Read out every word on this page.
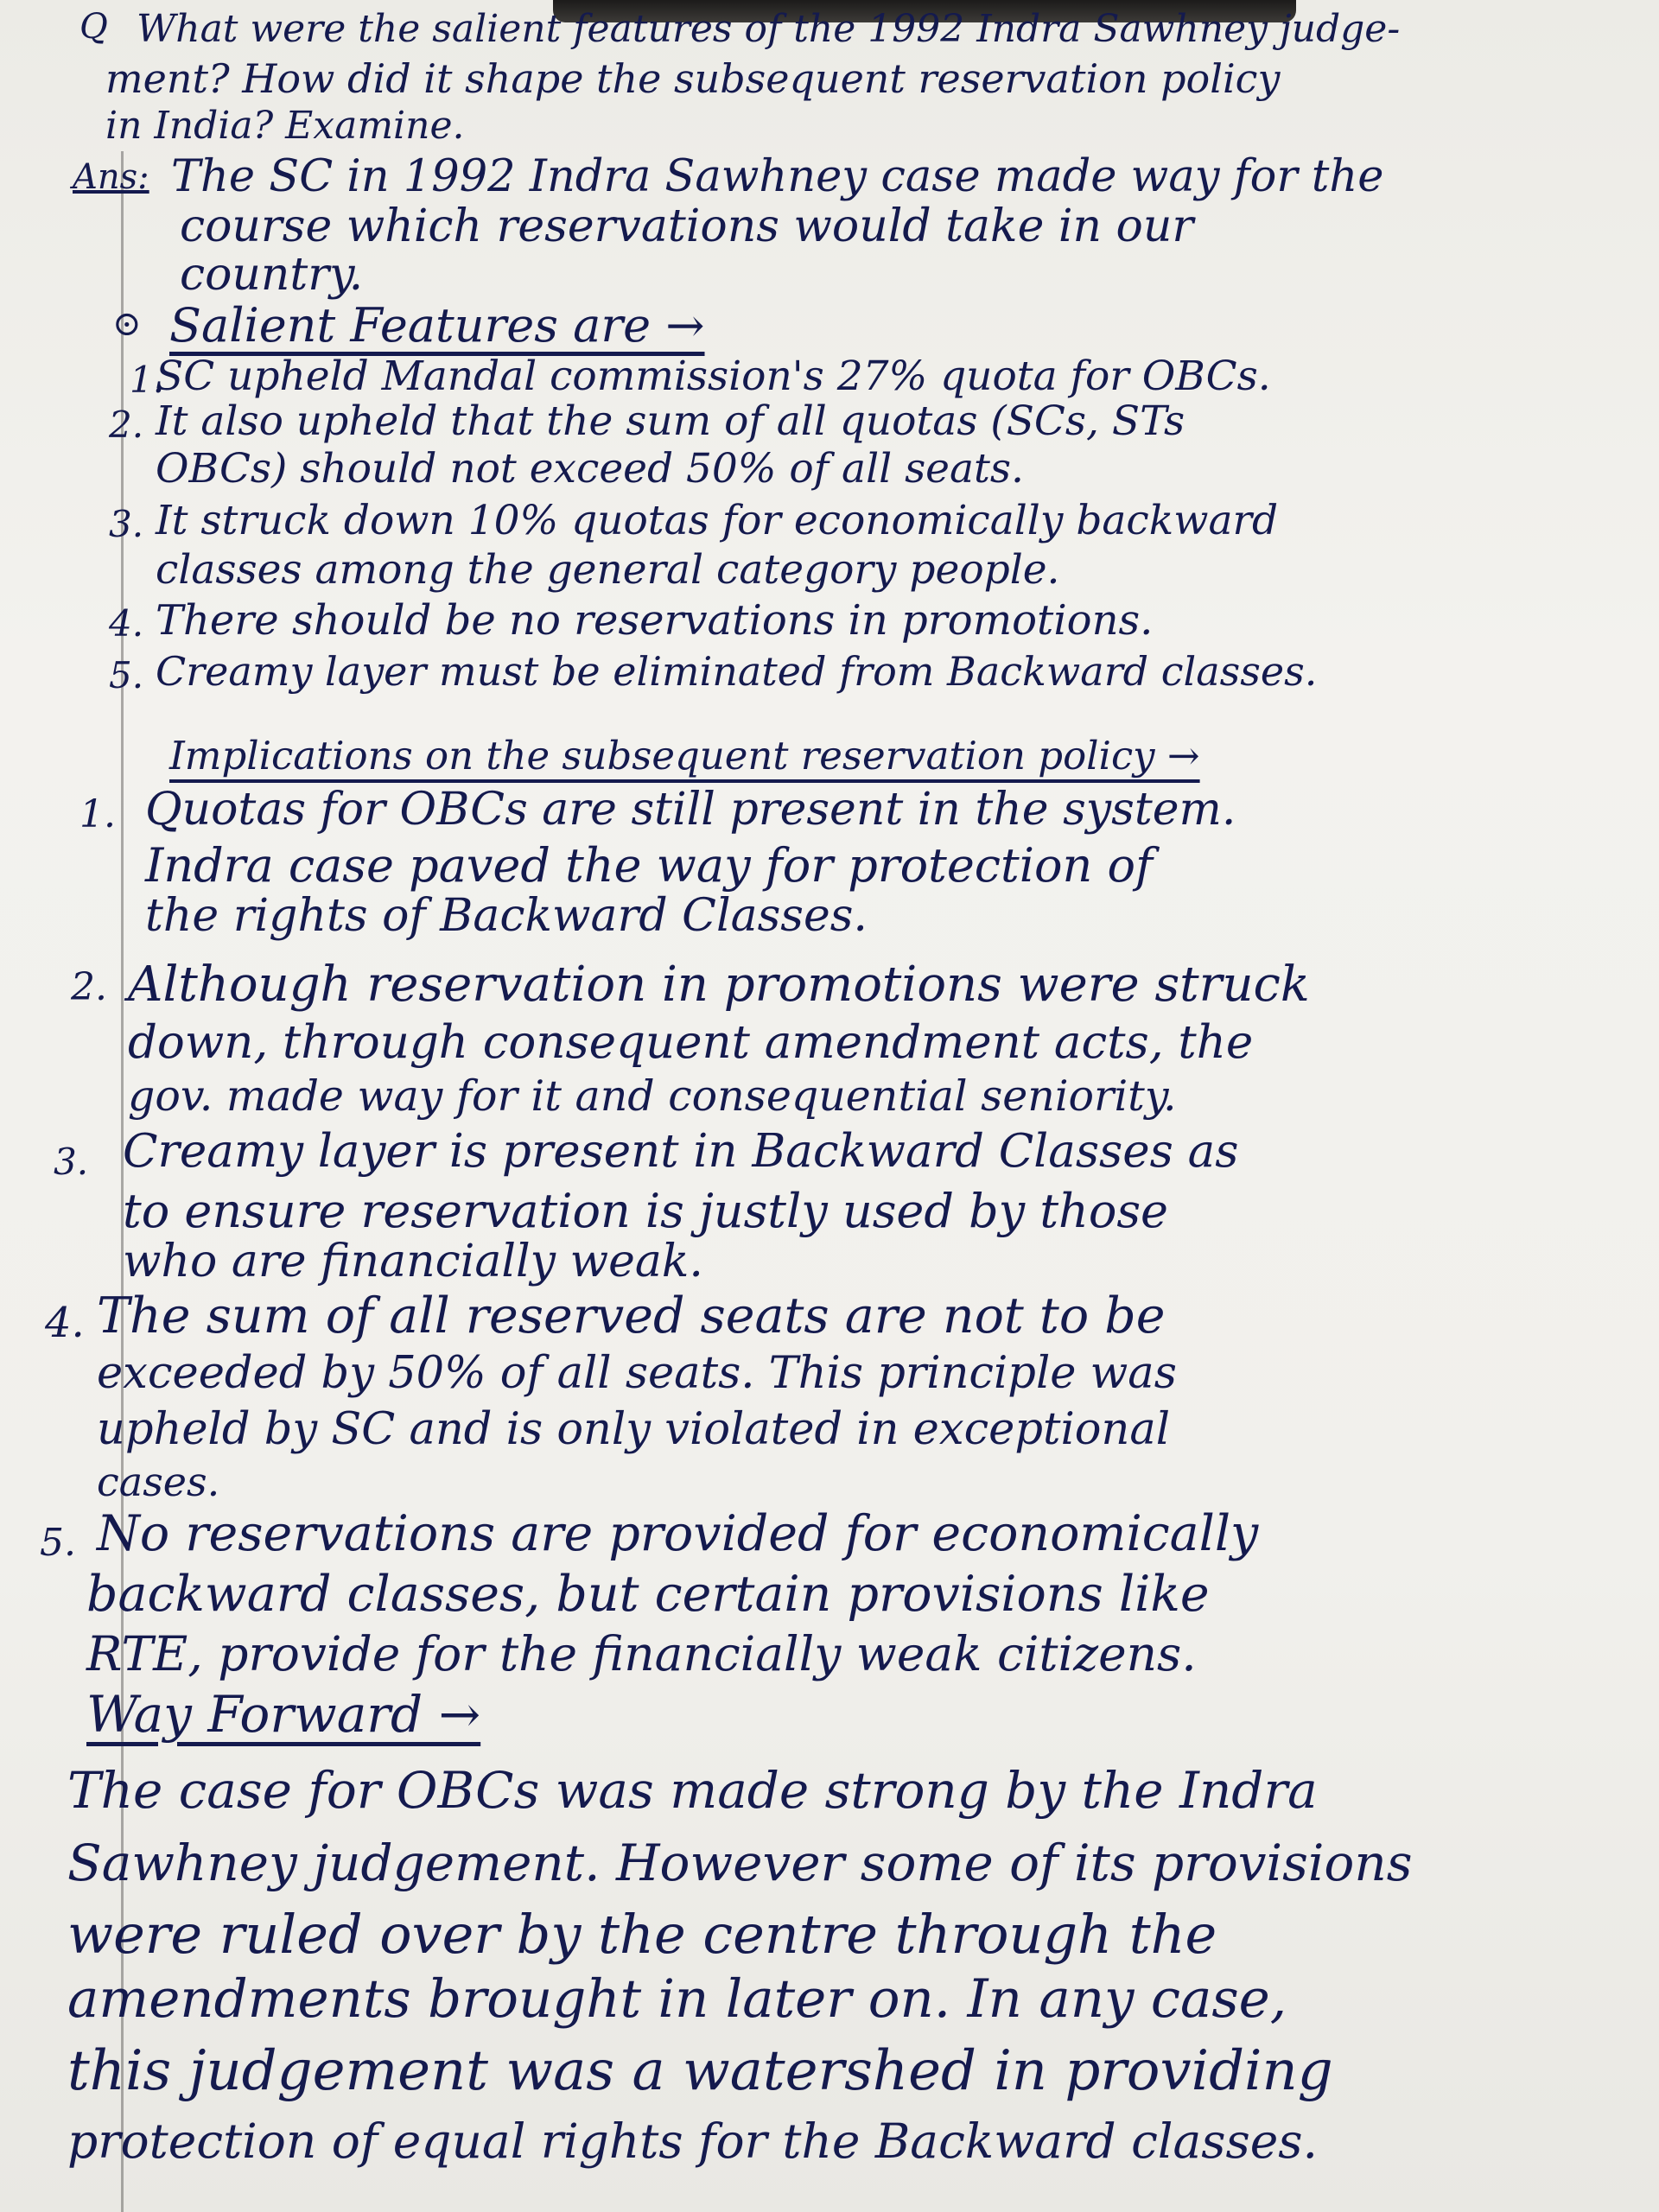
Q What were the salient features of the 1992 Indra Sawhney judge-
ment? How did it shape the subsequent reservation policy
in India? Examine.
Ans: The SC in 1992 Indra Sawhney case made way for the
course which reservations would take in our
country.
⊙ Salient Features are →
1.
SC upheld Mandal commission's 27% quota for OBCs.
2. It also upheld that the sum of all quotas (SCs, STs
OBCs) should not exceed 50% of all seats.
3. It struck down 10% quotas for economically backward
classes among the general category people.
4. There should be no reservations in promotions.
5. Creamy layer must be eliminated from Backward classes.
Implications on the subsequent reservation policy →
1. Quotas for OBCs are still present in the system.
Indra case paved the way for protection of
the rights of Backward Classes.
2. Although reservation in promotions were struck
down, through consequent amendment acts, the
gov. made way for it and consequential seniority.
3. Creamy layer is present in Backward Classes as
to ensure reservation is justly used by those
who are financially weak.
4. The sum of all reserved seats are not to be
exceeded by 50% of all seats. This principle was
upheld by SC and is only violated in exceptional
cases.
5. No reservations are provided for economically
backward classes, but certain provisions like
RTE, provide for the financially weak citizens.
Way Forward →
The case for OBCs was made strong by the Indra
Sawhney judgement. However some of its provisions
were ruled over by the centre through the
amendments brought in later on. In any case,
this judgement was a watershed in providing
protection of equal rights for the Backward classes.
